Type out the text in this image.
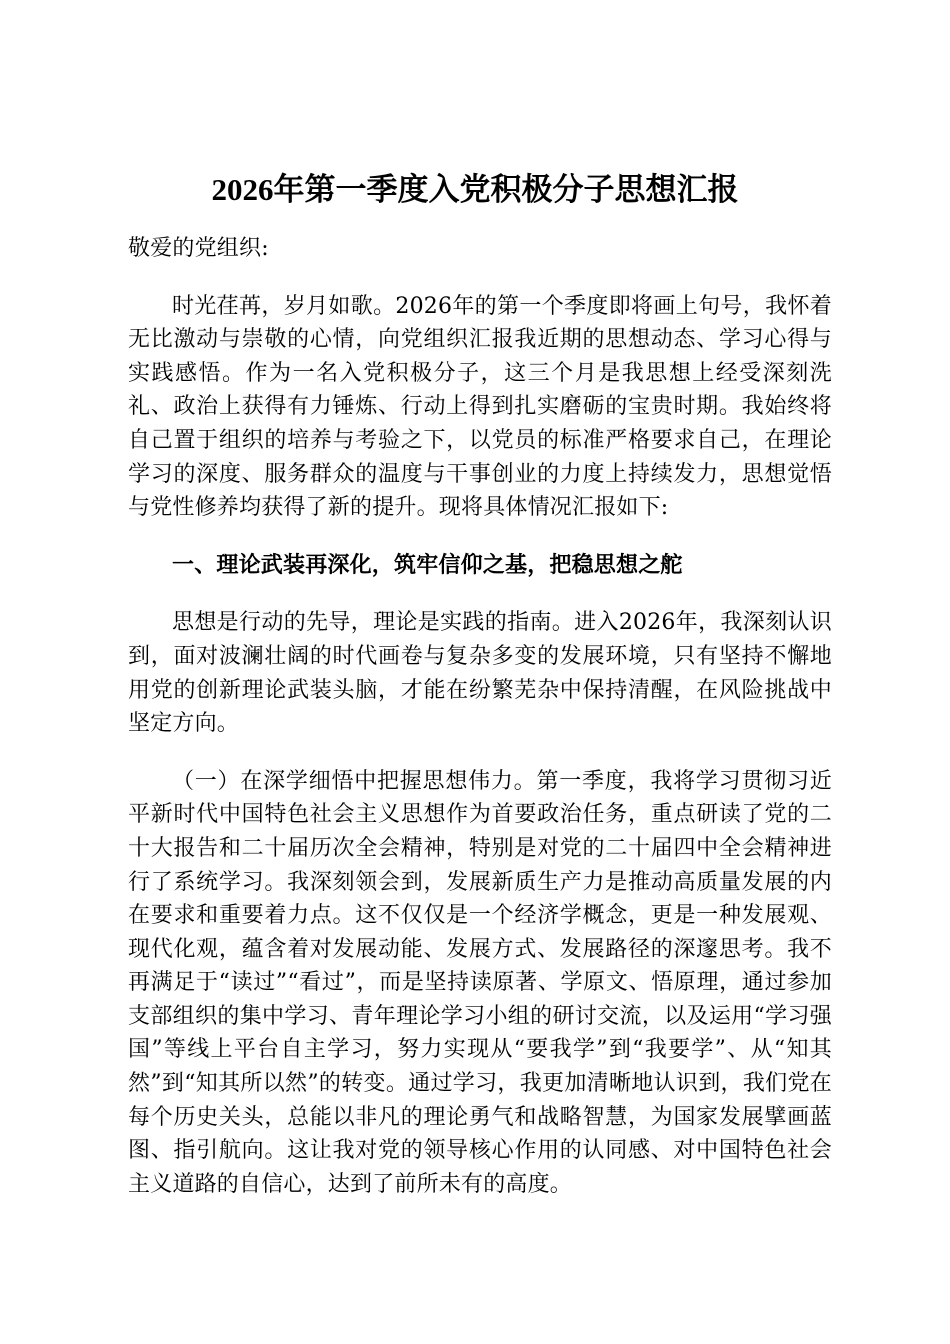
2026年第一季度入党积极分子思想汇报

敬爱的党组织:

时光荏苒，岁月如歌。2026年的第一个季度即将画上句号，我怀着无比激动与崇敬的心情，向党组织汇报我近期的思想动态、学习心得与实践感悟。作为一名入党积极分子，这三个月是我思想上经受深刻洗礼、政治上获得有力锤炼、行动上得到扎实磨砺的宝贵时期。我始终将自己置于组织的培养与考验之下，以党员的标准严格要求自己，在理论学习的深度、服务群众的温度与干事创业的力度上持续发力，思想觉悟与党性修养均获得了新的提升。现将具体情况汇报如下:

一、理论武装再深化，筑牢信仰之基，把稳思想之舵

思想是行动的先导，理论是实践的指南。进入2026年，我深刻认识到，面对波澜壮阔的时代画卷与复杂多变的发展环境，只有坚持不懈地用党的创新理论武装头脑，才能在纷繁芜杂中保持清醒，在风险挑战中坚定方向。

（一）在深学细悟中把握思想伟力。第一季度，我将学习贯彻习近平新时代中国特色社会主义思想作为首要政治任务，重点研读了党的二十大报告和二十届历次全会精神，特别是对党的二十届四中全会精神进行了系统学习。我深刻领会到，发展新质生产力是推动高质量发展的内在要求和重要着力点。这不仅仅是一个经济学概念，更是一种发展观、现代化观，蕴含着对发展动能、发展方式、发展路径的深邃思考。我不再满足于“读过”“看过”，而是坚持读原著、学原文、悟原理，通过参加支部组织的集中学习、青年理论学习小组的研讨交流，以及运用“学习强国”等线上平台自主学习，努力实现从“要我学”到“我要学”、从“知其然”到“知其所以然”的转变。通过学习，我更加清晰地认识到，我们党在每个历史关头，总能以非凡的理论勇气和战略智慧，为国家发展擘画蓝图、指引航向。这让我对党的领导核心作用的认同感、对中国特色社会主义道路的自信心，达到了前所未有的高度。
